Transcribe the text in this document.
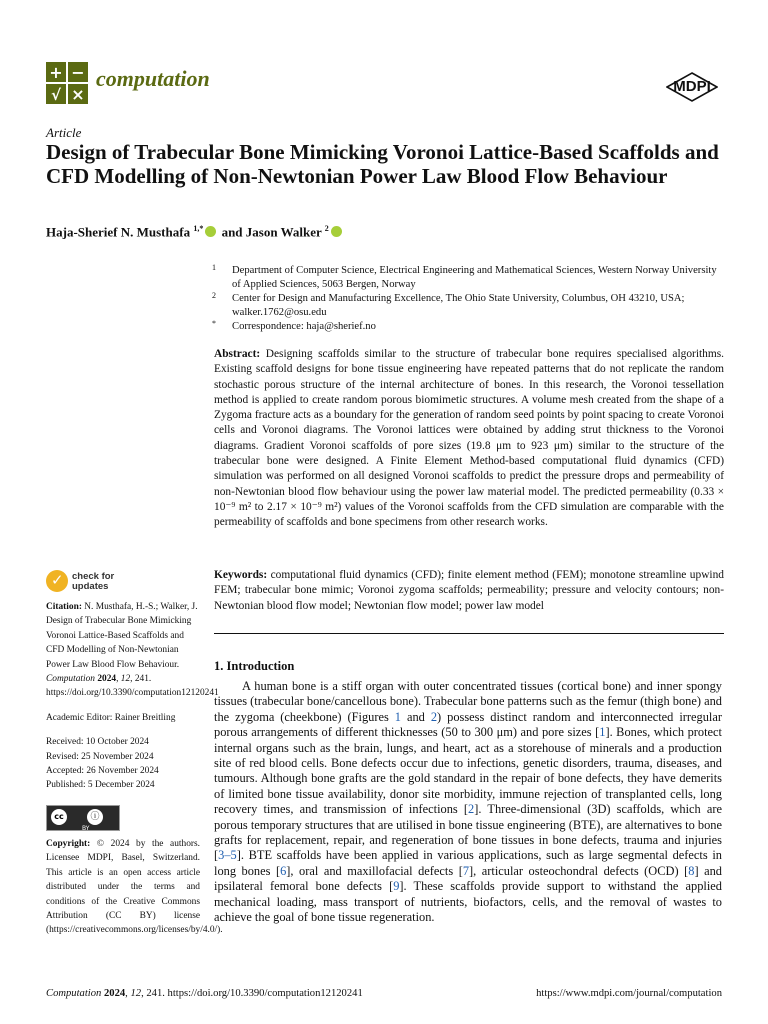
+ −
√ ×
computation	MDPI
Article
Design of Trabecular Bone Mimicking Voronoi Lattice-Based Scaffolds and CFD Modelling of Non-Newtonian Power Law Blood Flow Behaviour
Haja-Sherief N. Musthafa $^{1,*}$ and Jason Walker $^2$
1 Department of Computer Science, Electrical Engineering and Mathematical Sciences, Western Norway University of Applied Sciences, 5063 Bergen, Norway
2 Center for Design and Manufacturing Excellence, The Ohio State University, Columbus, OH 43210, USA; walker.1762@osu.edu
* Correspondence: haja@sherief.no
Abstract: Designing scaffolds similar to the structure of trabecular bone requires specialised algorithms. Existing scaffold designs for bone tissue engineering have repeated patterns that do not replicate the random stochastic porous structure of the internal architecture of bones. In this research, the Voronoi tessellation method is applied to create random porous biomimetic structures. A volume mesh created from the shape of a Zygoma fracture acts as a boundary for the generation of random seed points by point spacing to create Voronoi cells and Voronoi diagrams. The Voronoi lattices were obtained by adding strut thickness to the Voronoi diagrams. Gradient Voronoi scaffolds of pore sizes (19.8 μm to 923 μm) similar to the structure of the trabecular bone were designed. A Finite Element Method-based computational fluid dynamics (CFD) simulation was performed on all designed Voronoi scaffolds to predict the pressure drops and permeability of non-Newtonian blood flow behaviour using the power law material model. The predicted permeability (0.33 × 10⁻⁹ m² to 2.17 × 10⁻⁹ m²) values of the Voronoi scaffolds from the CFD simulation are comparable with the permeability of scaffolds and bone specimens from other research works.
Keywords: computational fluid dynamics (CFD); finite element method (FEM); monotone streamline upwind FEM; trabecular bone mimic; Voronoi zygoma scaffolds; permeability; pressure and velocity contours; non-Newtonian blood flow model; Newtonian flow model; power law model
1. Introduction
A human bone is a stiff organ with outer concentrated tissues (cortical bone) and inner spongy tissues (trabecular bone/cancellous bone). Trabecular bone patterns such as the femur (thigh bone) and the zygoma (cheekbone) (Figures 1 and 2) possess distinct random and interconnected irregular porous arrangements of different thicknesses (50 to 300 μm) and pore sizes [1]. Bones, which protect internal organs such as the brain, lungs, and heart, act as a storehouse of minerals and a production site of red blood cells. Bone defects occur due to infections, genetic disorders, trauma, diseases, and tumours. Although bone grafts are the gold standard in the repair of bone defects, they have demerits of limited bone tissue availability, donor site morbidity, immune rejection of transplanted cells, long recovery times, and transmission of infections [2]. Three-dimensional (3D) scaffolds, which are porous temporary structures that are utilised in bone tissue engineering (BTE), are alternatives to bone grafts for replacement, repair, and regeneration of bone tissues in bone defects, trauma and injuries [3–5]. BTE scaffolds have been applied in various applications, such as large segmental defects in long bones [6], oral and maxillofacial defects [7], articular osteochondral defects (OCD) [8] and ipsilateral femoral bone defects [9]. These scaffolds provide support to withstand the applied mechanical loading, mass transport of nutrients, biofactors, cells, and the removal of wastes to achieve the goal of bone tissue regeneration.
✓ check for
updates

Citation: N. Musthafa, H.-S.; Walker, J. Design of Trabecular Bone Mimicking Voronoi Lattice-Based Scaffolds and CFD Modelling of Non-Newtonian Power Law Blood Flow Behaviour. Computation 2024, 12, 241. https://doi.org/10.3390/computation12120241

Academic Editor: Rainer Breitling

Received: 10 October 2024

Revised: 25 November 2024

Accepted: 26 November 2024

Published: 5 December 2024

cc	ⓘ
BY

Copyright: © 2024 by the authors. Licensee MDPI, Basel, Switzerland. This article is an open access article distributed under the terms and conditions of the Creative Commons Attribution (CC BY) license (https://creativecommons.org/licenses/by/4.0/).

Computation 2024, 12, 241. https://doi.org/10.3390/computation12120241	https://www.mdpi.com/journal/computation
